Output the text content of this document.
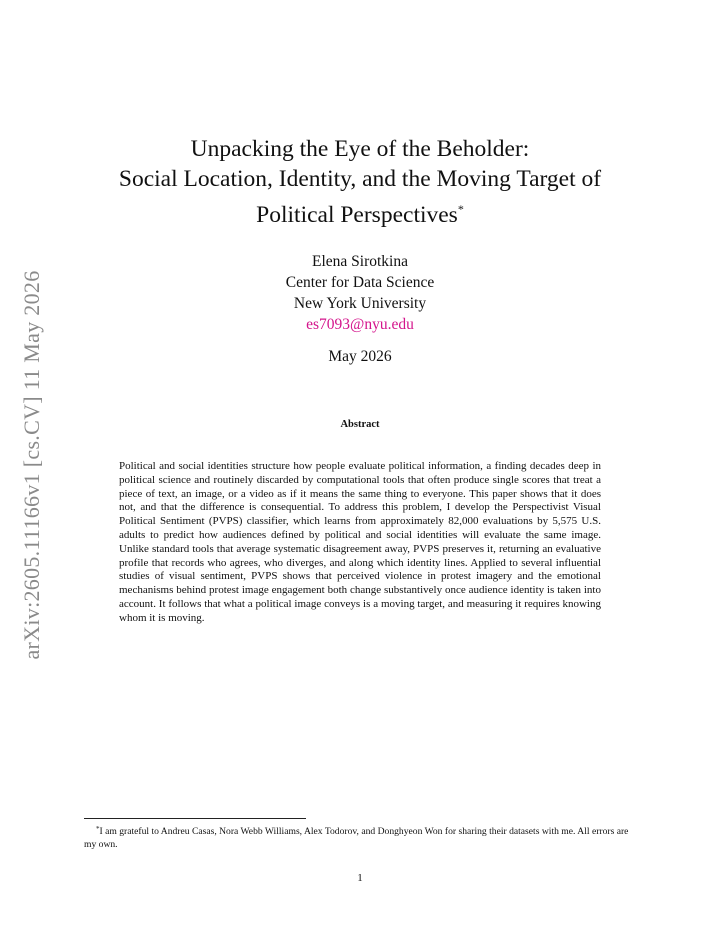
arXiv:2605.11166v1 [cs.CV] 11 May 2026
Unpacking the Eye of the Beholder:
Social Location, Identity, and the Moving Target of
Political Perspectives*
Elena Sirotkina
Center for Data Science
New York University
es7093@nyu.edu
May 2026
Abstract
Political and social identities structure how people evaluate political information, a finding decades deep in political science and routinely discarded by computational tools that often produce single scores that treat a piece of text, an image, or a video as if it means the same thing to everyone. This paper shows that it does not, and that the difference is consequential. To address this problem, I develop the Perspectivist Visual Political Sentiment (PVPS) classifier, which learns from approximately 82,000 evaluations by 5,575 U.S. adults to predict how audiences defined by political and social identities will evaluate the same image. Unlike standard tools that average systematic disagreement away, PVPS preserves it, returning an evaluative profile that records who agrees, who diverges, and along which identity lines. Applied to several influential studies of visual sentiment, PVPS shows that perceived violence in protest imagery and the emotional mechanisms behind protest image engagement both change substantively once audience identity is taken into account. It follows that what a political image conveys is a moving target, and measuring it requires knowing whom it is moving.
*I am grateful to Andreu Casas, Nora Webb Williams, Alex Todorov, and Donghyeon Won for sharing their datasets with me. All errors are my own.
1
